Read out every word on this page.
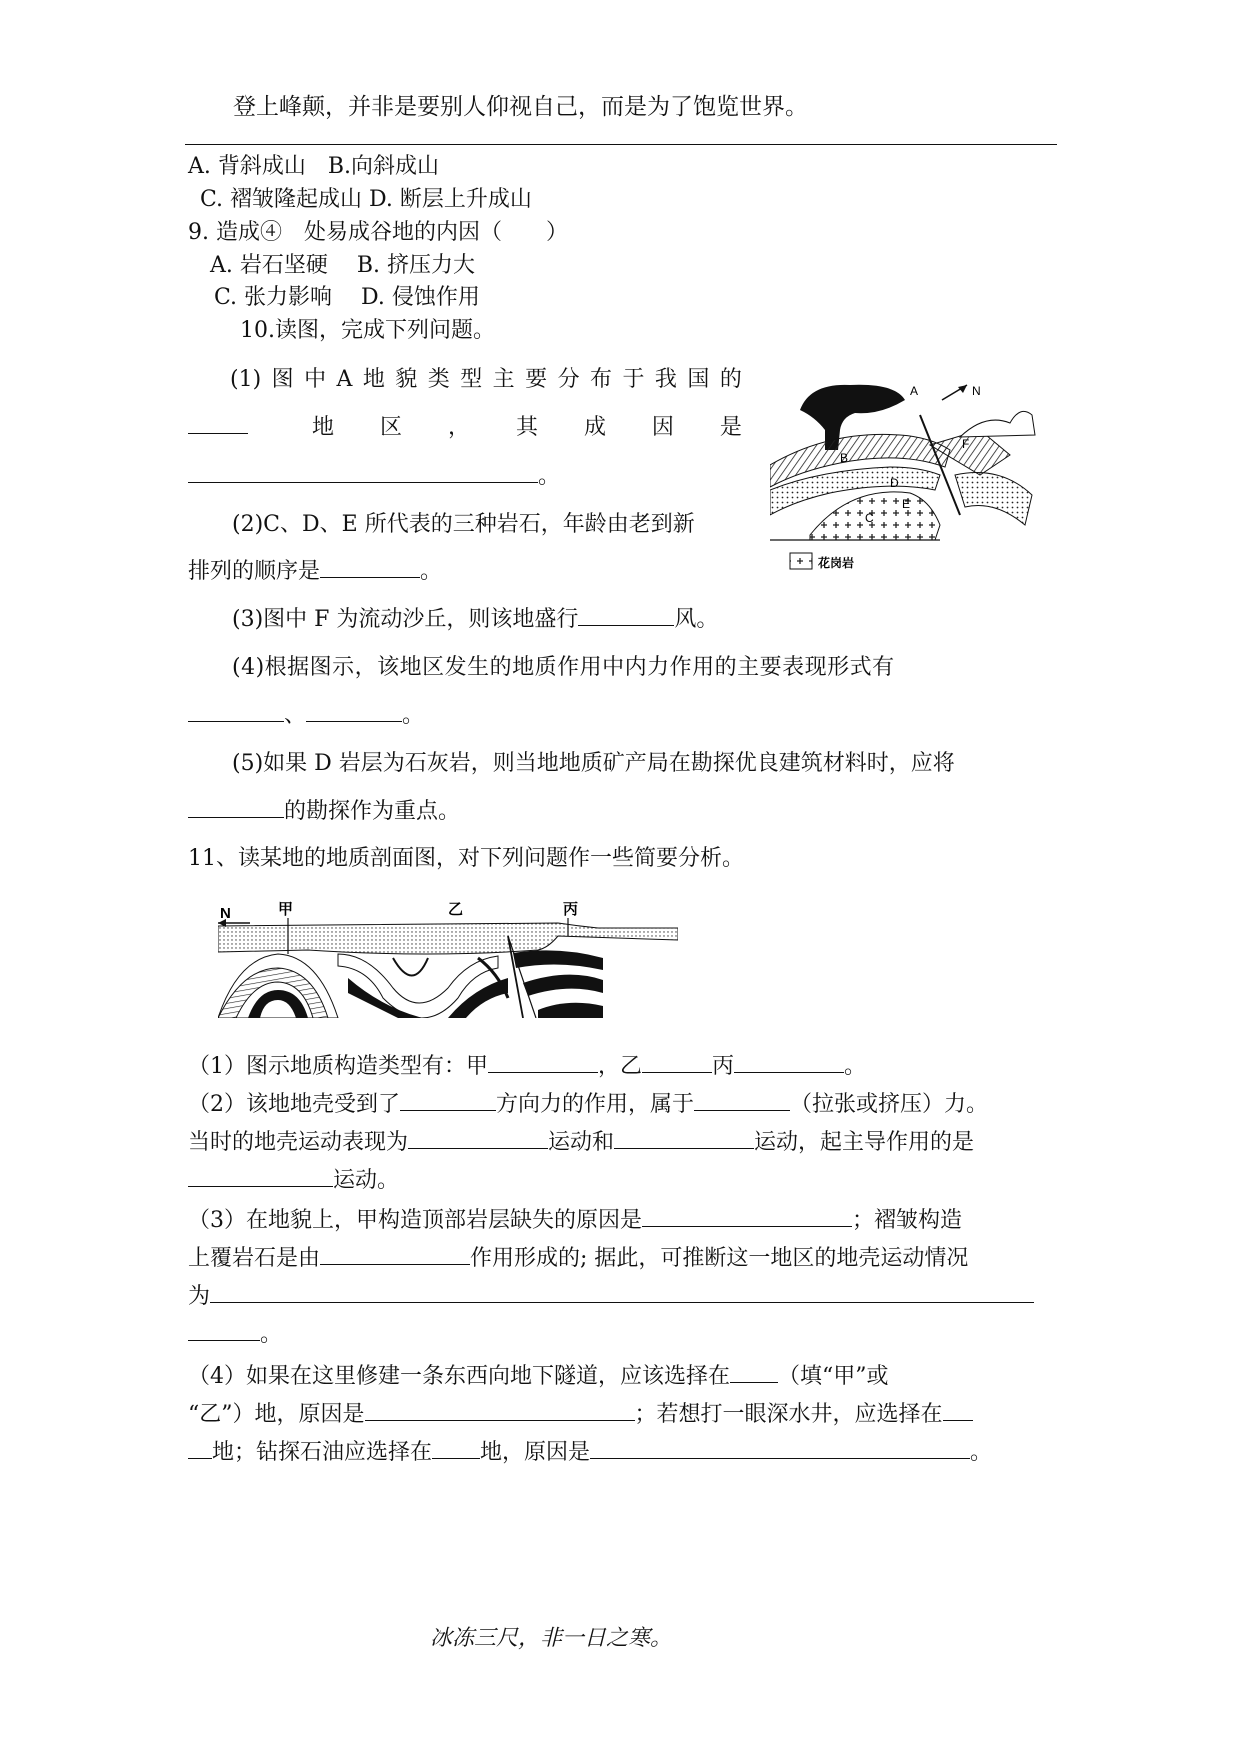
登上峰颠，并非是要别人仰视自己，而是为了饱览世界。
A. 背斜成山　B.向斜成山
C. 褶皱隆起成山 D. 断层上升成山
9. 造成④　处易成谷地的内因（　　）
A. 岩石坚硬　 B. 挤压力大
C. 张力影响　 D. 侵蚀作用
10.读图，完成下列问题。
(1) 图 中 A 地 貌 类 型 主 要 分 布 于 我 国 的
地 区 ， 其 成 因 是
。
(2)C、D、E 所代表的三种岩石，年龄由老到新
排列的顺序是	。
(3)图中 F 为流动沙丘，则该地盛行	风。
(4)根据图示，该地区发生的地质作用中内力作用的主要表现形式有
、	。
(5)如果 D 岩层为石灰岩，则当地地质矿产局在勘探优良建筑材料时，应将
的勘探作为重点。
A	N
F
B
D
C
E
花岗岩
11、读某地的地质剖面图，对下列问题作一些简要分析。
N	甲	乙	丙
（1）图示地质构造类型有：甲	，乙	丙	。
（2）该地地壳受到了	方向力的作用，属于	（拉张或挤压）力。
当时的地壳运动表现为	运动和	运动，起主导作用的是
运动。
（3）在地貌上，甲构造顶部岩层缺失的原因是	；褶皱构造
上覆岩石是由	作用形成的; 据此，可推断这一地区的地壳运动情况
为
。
（4）如果在这里修建一条东西向地下隧道，应该选择在 （填“甲”或
“乙”）地，原因是	；若想打一眼深水井，应选择在
地；钻探石油应选择在 地，原因是	。
冰冻三尺，非一日之寒。
